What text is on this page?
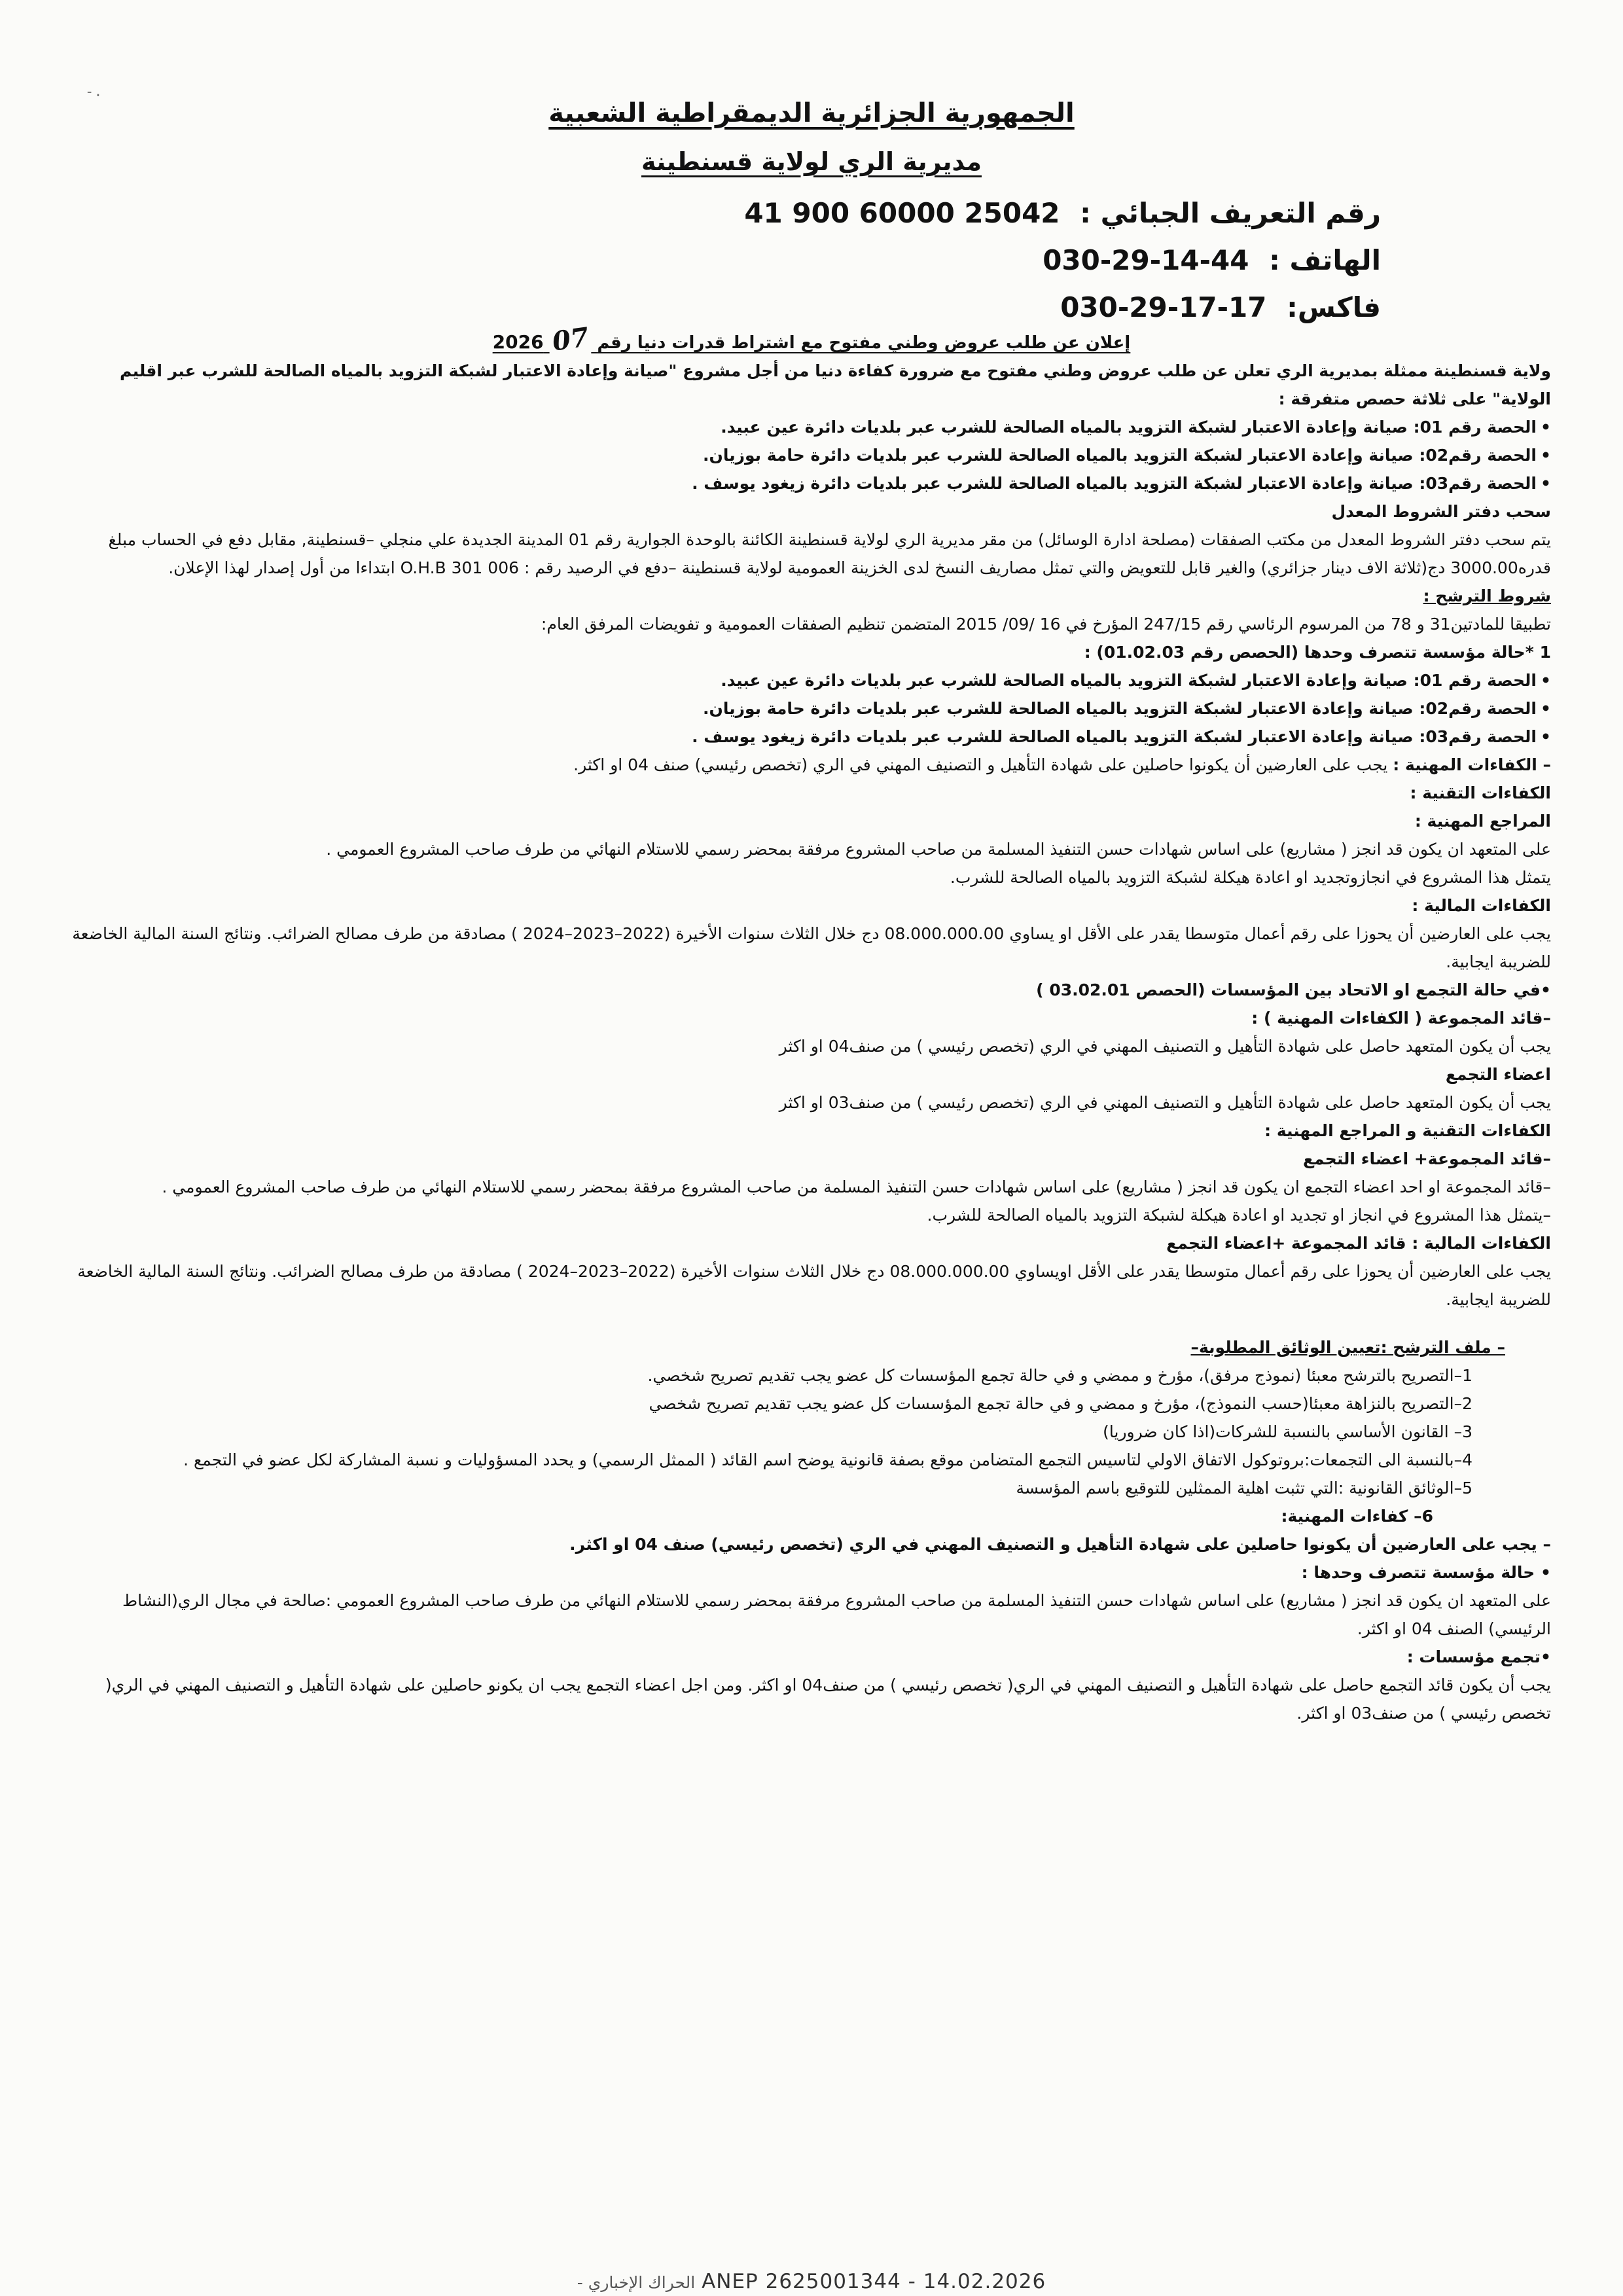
-.
الجمهورية الجزائرية الديمقراطية الشعبية
مديرية الري لولاية قسنطينة
رقم التعريف الجبائي : 41 900 60000 25042
الهاتف : 030-29-14-44
فاكس: 030-29-17-17
إعلان عن طلب عروض وطني مفتوح مع اشتراط قدرات دنيا رقم 07 2026

ولاية قسنطينة ممثلة بمديرية الري تعلن عن طلب عروض وطني مفتوح مع ضرورة كفاءة دنيا من أجل مشروع "صيانة وإعادة الاعتبار لشبكة التزويد بالمياه الصالحة للشرب عبر اقليم الولاية" على ثلاثة حصص متفرقة :

• الحصة رقم 01: صيانة وإعادة الاعتبار لشبكة التزويد بالمياه الصالحة للشرب عبر بلديات دائرة عين عبيد.

• الحصة رقم02: صيانة وإعادة الاعتبار لشبكة التزويد بالمياه الصالحة للشرب عبر بلديات دائرة حامة بوزيان.

• الحصة رقم03: صيانة وإعادة الاعتبار لشبكة التزويد بالمياه الصالحة للشرب عبر بلديات دائرة زيغود يوسف .

سحب دفتر الشروط المعدل

يتم سحب دفتر الشروط المعدل من مكتب الصفقات (مصلحة ادارة الوسائل) من مقر مديرية الري لولاية قسنطينة الكائنة بالوحدة الجوارية رقم 01 المدينة الجديدة علي منجلي –قسنطينة, مقابل دفع في الحساب مبلغ قدره3000.00 دج(ثلاثة الاف دينار جزائري) والغير قابل للتعويض والتي تمثل مصاريف النسخ لدى الخزينة العمومية لولاية قسنطينة –دفع في الرصيد رقم : O.H.B 301 006 ابتداءا من أول إصدار لهذا الإعلان.

شروط الترشح :

تطبيقا للمادتين31 و 78 من المرسوم الرئاسي رقم 247/15 المؤرخ في 16 /09/ 2015 المتضمن تنظيم الصفقات العمومية و تفويضات المرفق العام:

1 *حالة مؤسسة تتصرف وحدها (الحصص رقم 01.02.03) :

• الحصة رقم 01: صيانة وإعادة الاعتبار لشبكة التزويد بالمياه الصالحة للشرب عبر بلديات دائرة عين عبيد.

• الحصة رقم02: صيانة وإعادة الاعتبار لشبكة التزويد بالمياه الصالحة للشرب عبر بلديات دائرة حامة بوزيان.

• الحصة رقم03: صيانة وإعادة الاعتبار لشبكة التزويد بالمياه الصالحة للشرب عبر بلديات دائرة زيغود يوسف .

– الكفاءات المهنية : يجب على العارضين أن يكونوا حاصلين على شهادة التأهيل و التصنيف المهني في الري (تخصص رئيسي) صنف 04 او اكثر.

الكفاءات التقنية :

المراجع المهنية :

على المتعهد ان يكون قد انجز ( مشاريع) على اساس شهادات حسن التنفيذ المسلمة من صاحب المشروع مرفقة بمحضر رسمي للاستلام النهائي من طرف صاحب المشروع العمومي .

يتمثل هذا المشروع في انجازوتجديد او اعادة هيكلة لشبكة التزويد بالمياه الصالحة للشرب.

الكفاءات المالية :

يجب على العارضين أن يحوزا على رقم أعمال متوسطا يقدر على الأقل او يساوي 08.000.000.00 دج خلال الثلاث سنوات الأخيرة (2022–2023–2024 ) مصادقة من طرف مصالح الضرائب. ونتائج السنة المالية الخاضعة للضريبة ايجابية.

•في حالة التجمع او الاتحاد بين المؤسسات (الحصص 03.02.01 )

–قائد المجموعة ( الكفاءات المهنية ) :

يجب أن يكون المتعهد حاصل على شهادة التأهيل و التصنيف المهني في الري (تخصص رئيسي ) من صنف04 او اكثر

اعضاء التجمع

يجب أن يكون المتعهد حاصل على شهادة التأهيل و التصنيف المهني في الري (تخصص رئيسي ) من صنف03 او اكثر

الكفاءات التقنية و المراجع المهنية :

–قائد المجموعة+ اعضاء التجمع

–قائد المجموعة او احد اعضاء التجمع ان يكون قد انجز ( مشاريع) على اساس شهادات حسن التنفيذ المسلمة من صاحب المشروع مرفقة بمحضر رسمي للاستلام النهائي من طرف صاحب المشروع العمومي .

–يتمثل هذا المشروع في انجاز او تجديد او اعادة هيكلة لشبكة التزويد بالمياه الصالحة للشرب.

الكفاءات المالية : قائد المجموعة +اعضاء التجمع

يجب على العارضين أن يحوزا على رقم أعمال متوسطا يقدر على الأقل اويساوي 08.000.000.00 دج خلال الثلاث سنوات الأخيرة (2022–2023–2024 ) مصادقة من طرف مصالح الضرائب. ونتائج السنة المالية الخاضعة للضريبة ايجابية.

– ملف الترشح :تعيين الوثائق المطلوبة–

1–التصريح بالترشح معبئا (نموذج مرفق)، مؤرخ و ممضي و في حالة تجمع المؤسسات كل عضو يجب تقديم تصريح شخصي.

2–التصريح بالنزاهة معبئا(حسب النموذج)، مؤرخ و ممضي و في حالة تجمع المؤسسات كل عضو يجب تقديم تصريح شخصي

3– القانون الأساسي بالنسبة للشركات(اذا كان ضروريا)

4–بالنسبة الى التجمعات:بروتوكول الاتفاق الاولي لتاسيس التجمع المتضامن موقع بصفة قانونية يوضح اسم القائد ( الممثل الرسمي) و يحدد المسؤوليات و نسبة المشاركة لكل عضو في التجمع .

5–الوثائق القانونية :التي تثبت اهلية الممثلين للتوقيع باسم المؤسسة

6– كفاءات المهنية:

– يجب على العارضين أن يكونوا حاصلين على شهادة التأهيل و التصنيف المهني في الري (تخصص رئيسي) صنف 04 او اكثر.

• حالة مؤسسة تتصرف وحدها :

على المتعهد ان يكون قد انجز ( مشاريع) على اساس شهادات حسن التنفيذ المسلمة من صاحب المشروع مرفقة بمحضر رسمي للاستلام النهائي من طرف صاحب المشروع العمومي :صالحة في مجال الري(النشاط الرئيسي) الصنف 04 او اكثر.

•تجمع مؤسسات :

يجب أن يكون قائد التجمع حاصل على شهادة التأهيل و التصنيف المهني في الري( تخصص رئيسي ) من صنف04 او اكثر. ومن اجل اعضاء التجمع يجب ان يكونو حاصلين على شهادة التأهيل و التصنيف المهني في الري( تخصص رئيسي ) من صنف03 او اكثر.

ANEP 2625001344 - 14.02.2026 الحراك الإخباري -
